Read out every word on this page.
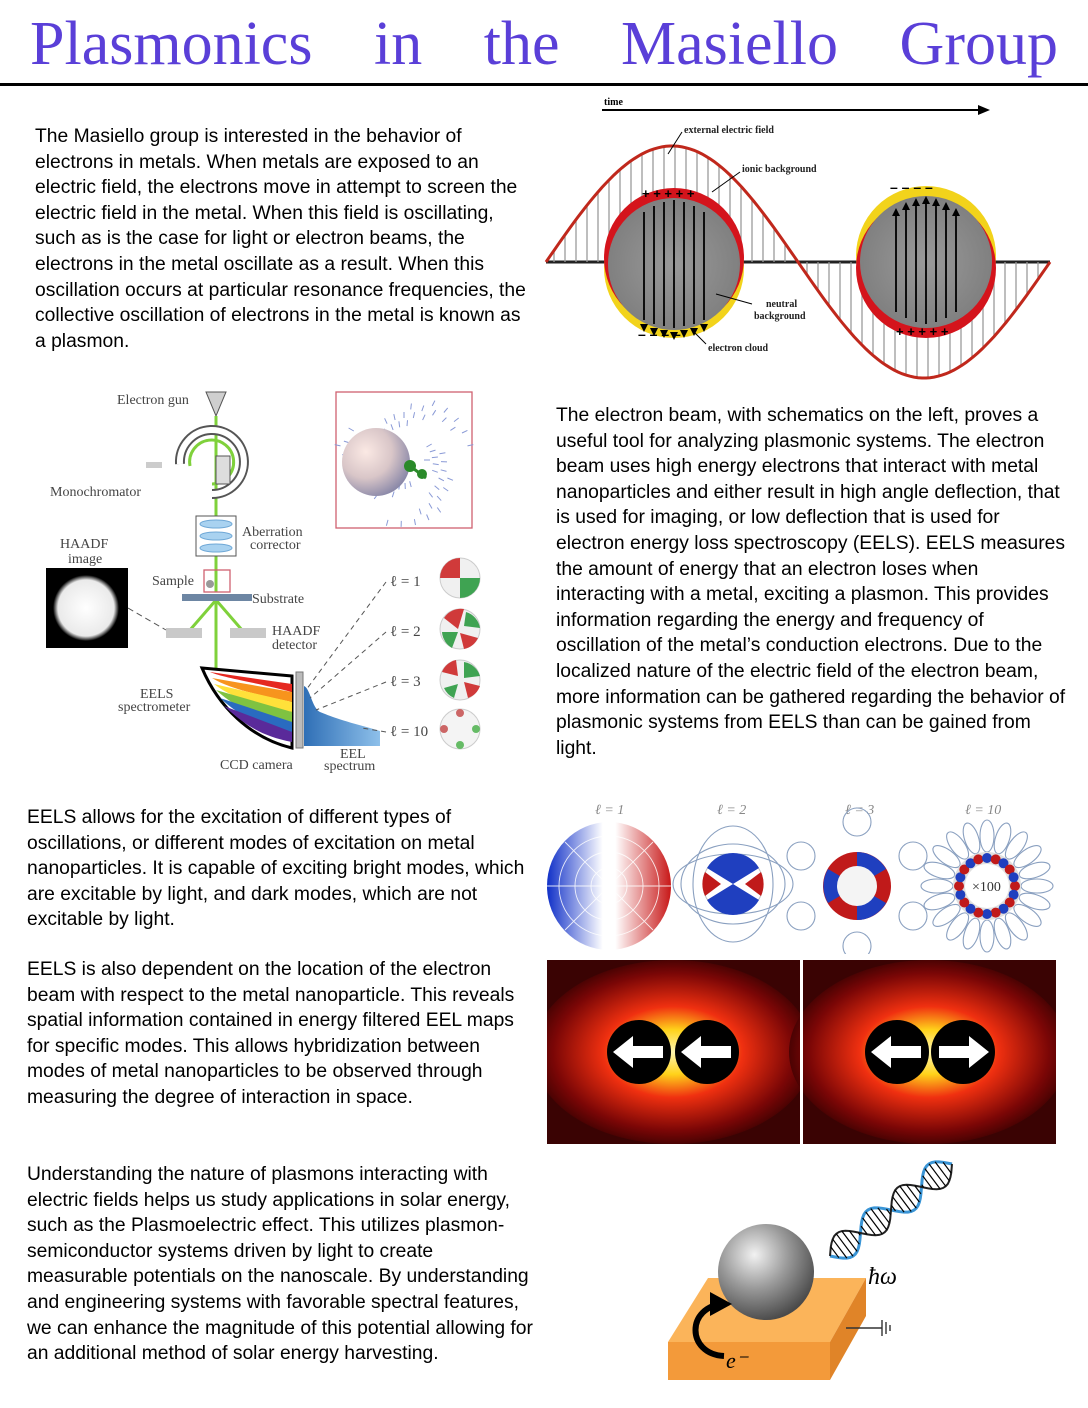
Plasmonics in the Masiello Group

The Masiello group is interested in the behavior of electrons in metals. When metals are exposed to an electric field, the electrons move in attempt to screen the electric field in the metal. When this field is oscillating, such as is the case for light or electron beams, the electrons in the metal oscillate as a result. When this oscillation occurs at particular resonance frequencies, the collective oscillation of electrons in the metal is known as a plasmon.

The electron beam, with schematics on the left, proves a useful tool for analyzing plasmonic systems. The electron beam uses high energy electrons that interact with metal nanoparticles and either result in high angle deflection, that is used for imaging, or low deflection that is used for electron energy loss spectroscopy (EELS). EELS measures the amount of energy that an electron loses when interacting with a metal, exciting a plasmon. This provides information regarding the energy and frequency of oscillation of the metal’s conduction electrons. Due to the localized nature of the electric field of the electron beam, more information can be gathered regarding the behavior of plasmonic systems from EELS than can be gained from light.

EELS allows for the excitation of different types of oscillations, or different modes of excitation on metal nanoparticles. It is capable of exciting bright modes, which are excitable by light, and dark modes, which are not excitable by light.

EELS is also dependent on the location of the electron beam with respect to the metal nanoparticle. This reveals spatial information contained in energy filtered EEL maps for specific modes. This allows hybridization between modes of metal nanoparticles to be observed through measuring the degree of interaction in space.

Understanding the nature of plasmons interacting with electric fields helps us study applications in solar energy, such as the Plasmoelectric effect. This utilizes plasmon-semiconductor systems driven by light to create measurable potentials on the nanoscale. By understanding and engineering systems with favorable spectral features, we can enhance the magnitude of this potential allowing for an additional method of solar energy harvesting.

time
+ + + + +
– – – –
– – – –
+ + + + +
external electric field
ionic background
neutral
background
electron cloud
Electron gun
Monochromator
Aberration
corrector
HAADF
image
Sample
Substrate
HAADF
detector
EELS
spectrometer
CCD camera
EEL
spectrum
ℓ = 1
ℓ = 2
ℓ = 3
ℓ = 10
ℓ = 1	ℓ = 2	ℓ = 3	ℓ = 10
×100
e⁻
ħω
